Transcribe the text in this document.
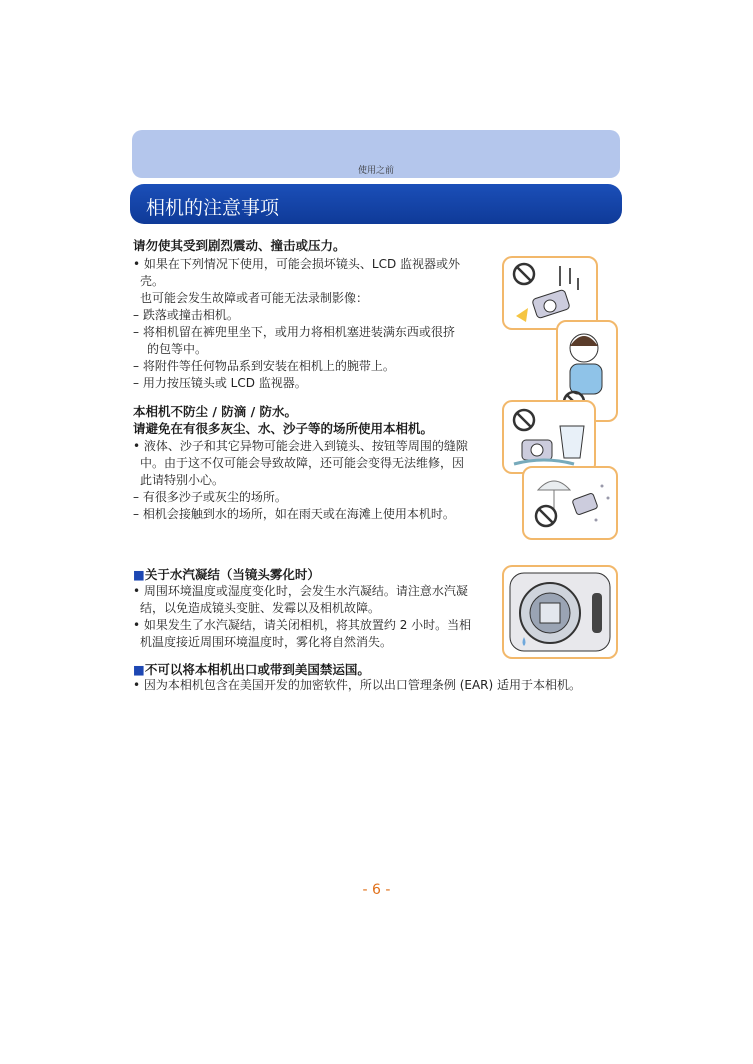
使用之前
相机的注意事项
请勿使其受到剧烈震动、撞击或压力。
• 如果在下列情况下使用，可能会损坏镜头、LCD 监视器或外
壳。
也可能会发生故障或者可能无法录制影像：
– 跌落或撞击相机。
– 将相机留在裤兜里坐下，或用力将相机塞进装满东西或很挤
的包等中。
– 将附件等任何物品系到安装在相机上的腕带上。
– 用力按压镜头或 LCD 监视器。
本相机不防尘 / 防滴 / 防水。
请避免在有很多灰尘、水、沙子等的场所使用本相机。
• 液体、沙子和其它异物可能会进入到镜头、按钮等周围的缝隙
中。由于这不仅可能会导致故障，还可能会变得无法维修，因
此请特别小心。
– 有很多沙子或灰尘的场所。
– 相机会接触到水的场所，如在雨天或在海滩上使用本机时。
■关于水汽凝结（当镜头雾化时）
• 周围环境温度或湿度变化时，会发生水汽凝结。请注意水汽凝
结，以免造成镜头变脏、发霉以及相机故障。
• 如果发生了水汽凝结，请关闭相机，将其放置约 2 小时。当相
机温度接近周围环境温度时，雾化将自然消失。
■不可以将本相机出口或带到美国禁运国。
• 因为本相机包含在美国开发的加密软件，所以出口管理条例 (EAR) 适用于本相机。
- 6 -
